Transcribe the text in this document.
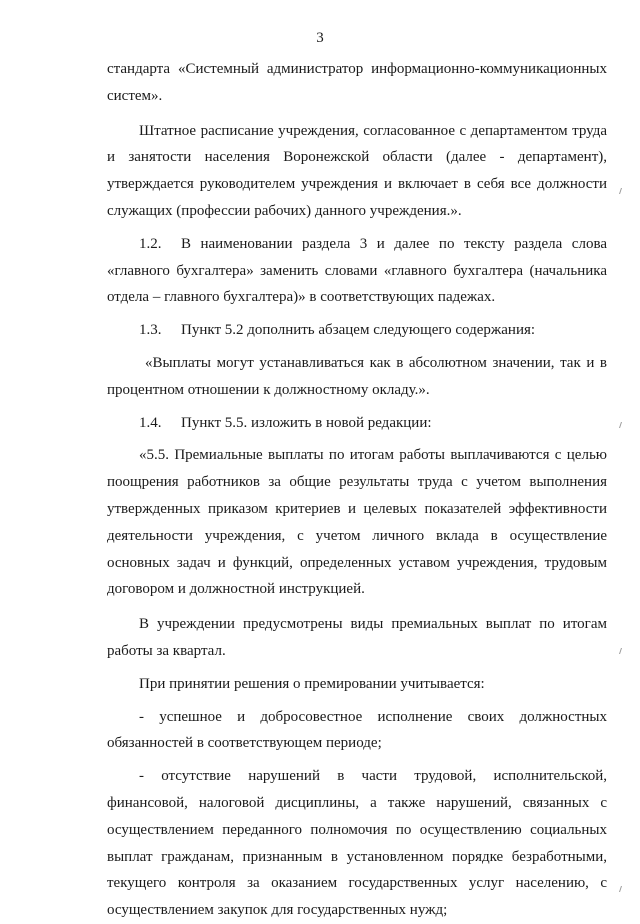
3

стандарта «Системный администратор информационно-коммуникационных систем».

Штатное расписание учреждения, согласованное с департаментом труда и занятости населения Воронежской области (далее - департамент), утверждается руководителем учреждения и включает в себя все должности служащих (профессии рабочих) данного учреждения.».

1.2. В наименовании раздела 3 и далее по тексту раздела слова «главного бухгалтера» заменить словами «главного бухгалтера (начальника отдела – главного бухгалтера)» в соответствующих падежах.

1.3. Пункт 5.2 дополнить абзацем следующего содержания:

«Выплаты могут устанавливаться как в абсолютном значении, так и в процентном отношении к должностному окладу.».

1.4. Пункт 5.5. изложить в новой редакции:

«5.5. Премиальные выплаты по итогам работы выплачиваются с целью поощрения работников за общие результаты труда с учетом выполнения утвержденных приказом критериев и целевых показателей эффективности деятельности учреждения, с учетом личного вклада в осуществление основных задач и функций, определенных уставом учреждения, трудовым договором и должностной инструкцией.

В учреждении предусмотрены виды премиальных выплат по итогам работы за квартал.

При принятии решения о премировании учитывается:

- успешное и добросовестное исполнение своих должностных обязанностей в соответствующем периоде;

- отсутствие нарушений в части трудовой, исполнительской, финансовой, налоговой дисциплины, а также нарушений, связанных с осуществлением переданного полномочия по осуществлению социальных выплат гражданам, признанным в установленном порядке безработными, текущего контроля за оказанием государственных услуг населению, с осуществлением закупок для государственных нужд;
